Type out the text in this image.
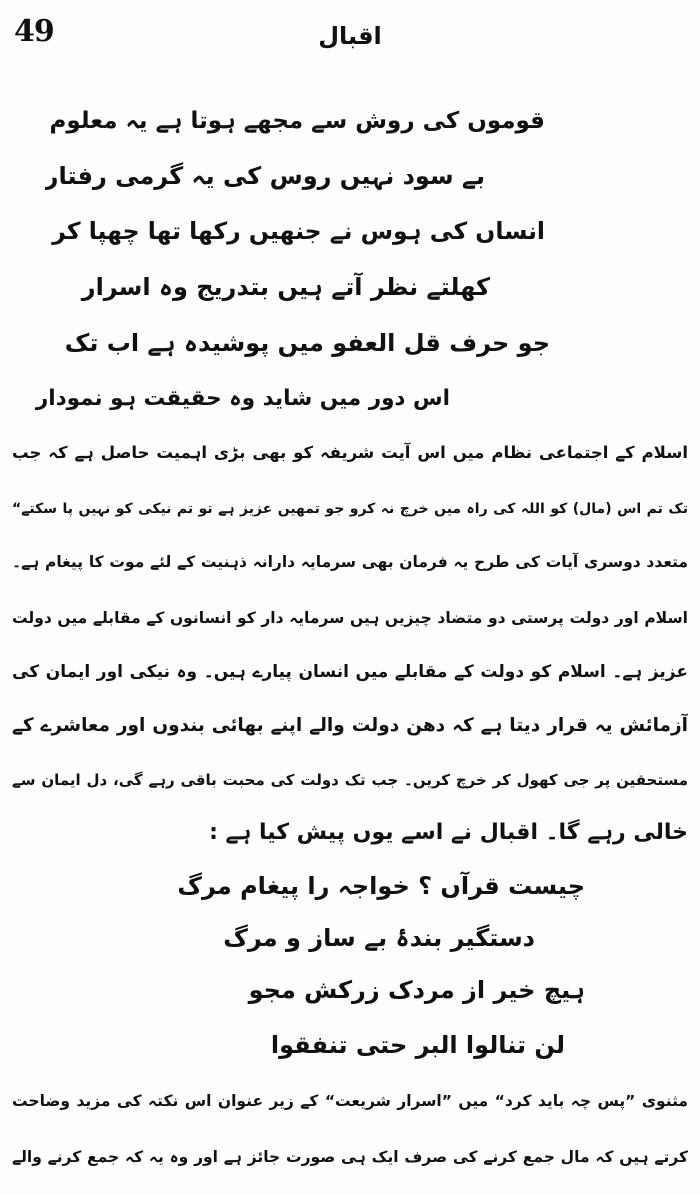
49	اقبال
قوموں کی روش سے مجھے ہوتا ہے یہ معلوم
بے سود نہیں روس کی یہ گرمی رفتار
انساں کی ہوس نے جنھیں رکھا تھا چھپا کر
کھلتے نظر آتے ہیں بتدریج وہ اسرار
جو حرف قل العفو میں پوشیدہ ہے اب تک
اس دور میں شاید وہ حقیقت ہو نمودار
اسلام کے اجتماعی نظام میں اس آیت شریفہ کو بھی بڑی اہمیت حاصل ہے کہ جب
تک تم اس (مال) کو اللہ کی راہ میں خرچ نہ کرو جو تمھیں عزیز ہے تو تم نیکی کو نہیں پا سکتے“
متعدد دوسری آیات کی طرح یہ فرمان بھی سرمایہ دارانہ ذہنیت کے لئے موت کا پیغام ہے۔
اسلام اور دولت پرستی دو متضاد چیزیں ہیں سرمایہ دار کو انسانوں کے مقابلے میں دولت
عزیز ہے۔ اسلام کو دولت کے مقابلے میں انسان پیارے ہیں۔ وہ نیکی اور ایمان کی
آزمائش یہ قرار دیتا ہے کہ دھن دولت والے اپنے بھائی بندوں اور معاشرے کے
مستحقین پر جی کھول کر خرچ کریں۔ جب تک دولت کی محبت باقی رہے گی، دل ایمان سے
خالی رہے گا۔ اقبال نے اسے یوں پیش کیا ہے :
چیست قرآں ؟ خواجہ را پیغام مرگ
دستگیر بندۂ بے ساز و مرگ
ہیچ خیر از مردک زرکش مجو
لن تنالوا البر حتی تنفقوا
مثنوی ”پس چہ باید کرد“ میں ”اسرار شریعت“ کے زیر عنوان اس نکتہ کی مزید وضاحت
کرتے ہیں کہ مال جمع کرنے کی صرف ایک ہی صورت جائز ہے اور وہ یہ کہ جمع کرنے والے
